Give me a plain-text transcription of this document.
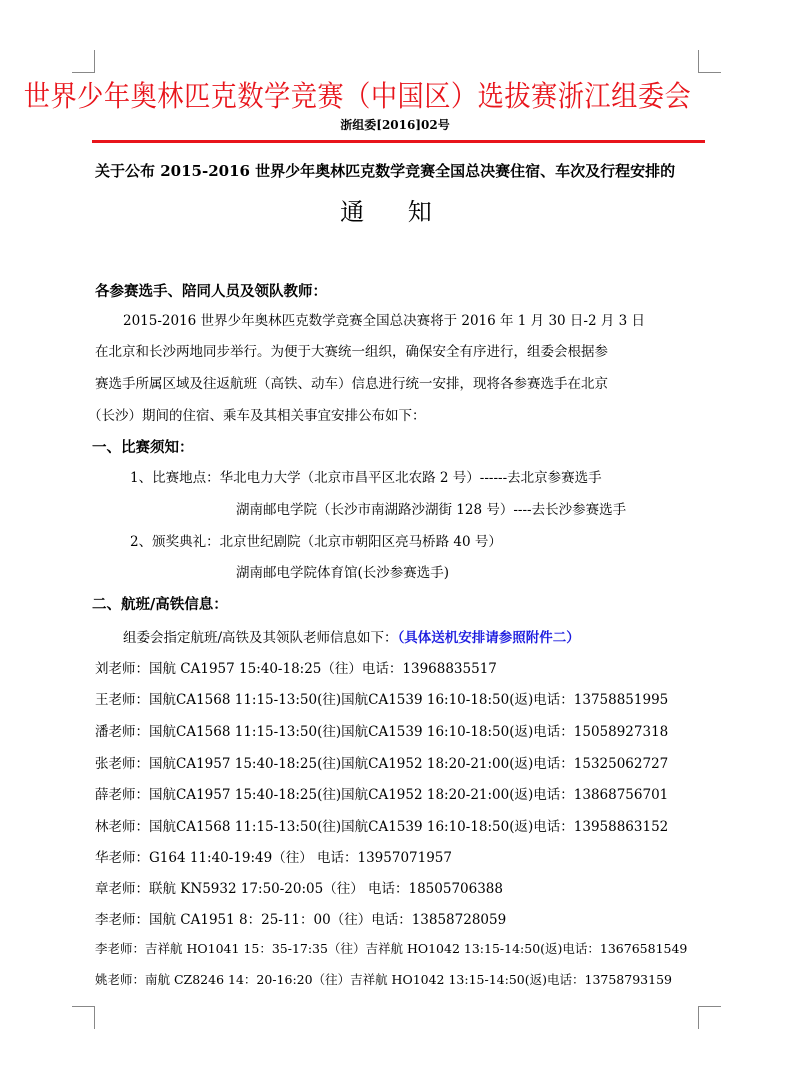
世界少年奥林匹克数学竞赛（中国区）选拔赛浙江组委会
浙组委[2016]02号
关于公布 2015-2016 世界少年奥林匹克数学竞赛全国总决赛住宿、车次及行程安排的
通 知
各参赛选手、陪同人员及领队教师：
2015-2016 世界少年奥林匹克数学竞赛全国总决赛将于 2016 年 1 月 30 日-2 月 3 日
在北京和长沙两地同步举行。为便于大赛统一组织，确保安全有序进行，组委会根据参
赛选手所属区域及往返航班（高铁、动车）信息进行统一安排，现将各参赛选手在北京
（长沙）期间的住宿、乘车及其相关事宜安排公布如下：
一、比赛须知：
1、比赛地点：华北电力大学（北京市昌平区北农路 2 号）------去北京参赛选手
湖南邮电学院（长沙市南湖路沙湖街 128 号）----去长沙参赛选手
2、颁奖典礼：北京世纪剧院（北京市朝阳区亮马桥路 40 号）
湖南邮电学院体育馆(长沙参赛选手)
二、航班/高铁信息：
组委会指定航班/高铁及其领队老师信息如下：（具体送机安排请参照附件二）
刘老师：国航 CA1957 15:40-18:25（往）电话：13968835517
王老师：国航CA1568 11:15-13:50(往)国航CA1539 16:10-18:50(返)电话：13758851995
潘老师：国航CA1568 11:15-13:50(往)国航CA1539 16:10-18:50(返)电话：15058927318
张老师：国航CA1957 15:40-18:25(往)国航CA1952 18:20-21:00(返)电话：15325062727
薛老师：国航CA1957 15:40-18:25(往)国航CA1952 18:20-21:00(返)电话：13868756701
林老师：国航CA1568 11:15-13:50(往)国航CA1539 16:10-18:50(返)电话：13958863152
华老师：G164 11:40-19:49（往） 电话：13957071957
章老师：联航 KN5932 17:50-20:05（往） 电话：18505706388
李老师：国航 CA1951 8：25-11：00（往）电话：13858728059
李老师：吉祥航 HO1041 15：35-17:35（往）吉祥航 HO1042 13:15-14:50(返)电话：13676581549
姚老师：南航 CZ8246 14：20-16:20（往）吉祥航 HO1042 13:15-14:50(返)电话：13758793159
